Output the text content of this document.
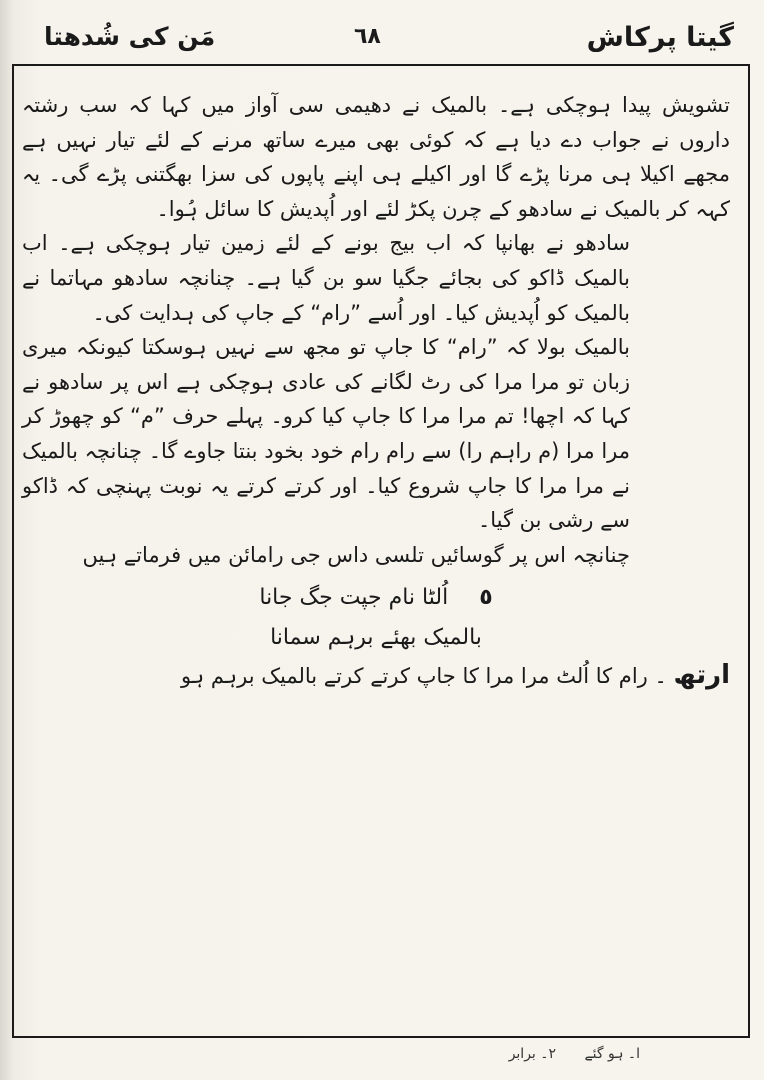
گیتا پرکاش
٦٨
مَن کی شُدھتا

تشویش پیدا ہوچکی ہے۔ بالمیک نے دھیمی سی آواز میں کہا کہ سب رشتہ داروں نے جواب دے دیا ہے کہ کوئی بھی میرے ساتھ مرنے کے لئے تیار نہیں ہے مجھے اکیلا ہی مرنا پڑے گا اور اکیلے ہی اپنے پاپوں کی سزا بھگتنی پڑے گی۔ یہ کہہ کر بالمیک نے سادھو کے چرن پکڑ لئے اور اُپدیش کا سائل ہُوا۔

سادھو نے بھانپا کہ اب بیج بونے کے لئے زمین تیار ہوچکی ہے۔ اب بالمیک ڈاکو کی بجائے جگیا سو بن گیا ہے۔ چنانچہ سادھو مہاتما نے بالمیک کو اُپدیش کیا۔ اور اُسے ”رام“ کے جاپ کی ہدایت کی۔

بالمیک بولا کہ ”رام“ کا جاپ تو مجھ سے نہیں ہوسکتا کیونکہ میری زبان تو مرا مرا کی رٹ لگانے کی عادی ہوچکی ہے اس پر سادھو نے کہا کہ اچھا! تم مرا مرا کا جاپ کیا کرو۔ پہلے حرف ”م“ کو چھوڑ کر مرا مرا (م راہم را) سے رام رام خود بخود بنتا جاوے گا۔ چنانچہ بالمیک نے مرا مرا کا جاپ شروع کیا۔ اور کرتے کرتے یہ نوبت پہنچی کہ ڈاکو سے رشی بن گیا۔

چنانچہ اس پر گوسائیں تلسی داس جی رامائن میں فرماتے ہیں

٥ اُلٹا نام جپت جگ جانا
بالمیک بھئے برہم سمانا

ارتھ ۔ رام کا اُلٹ مرا مرا کا جاپ کرتے کرتے بالمیک برہم ہو

ا۔ ہو گئے ۲۔ برابر
